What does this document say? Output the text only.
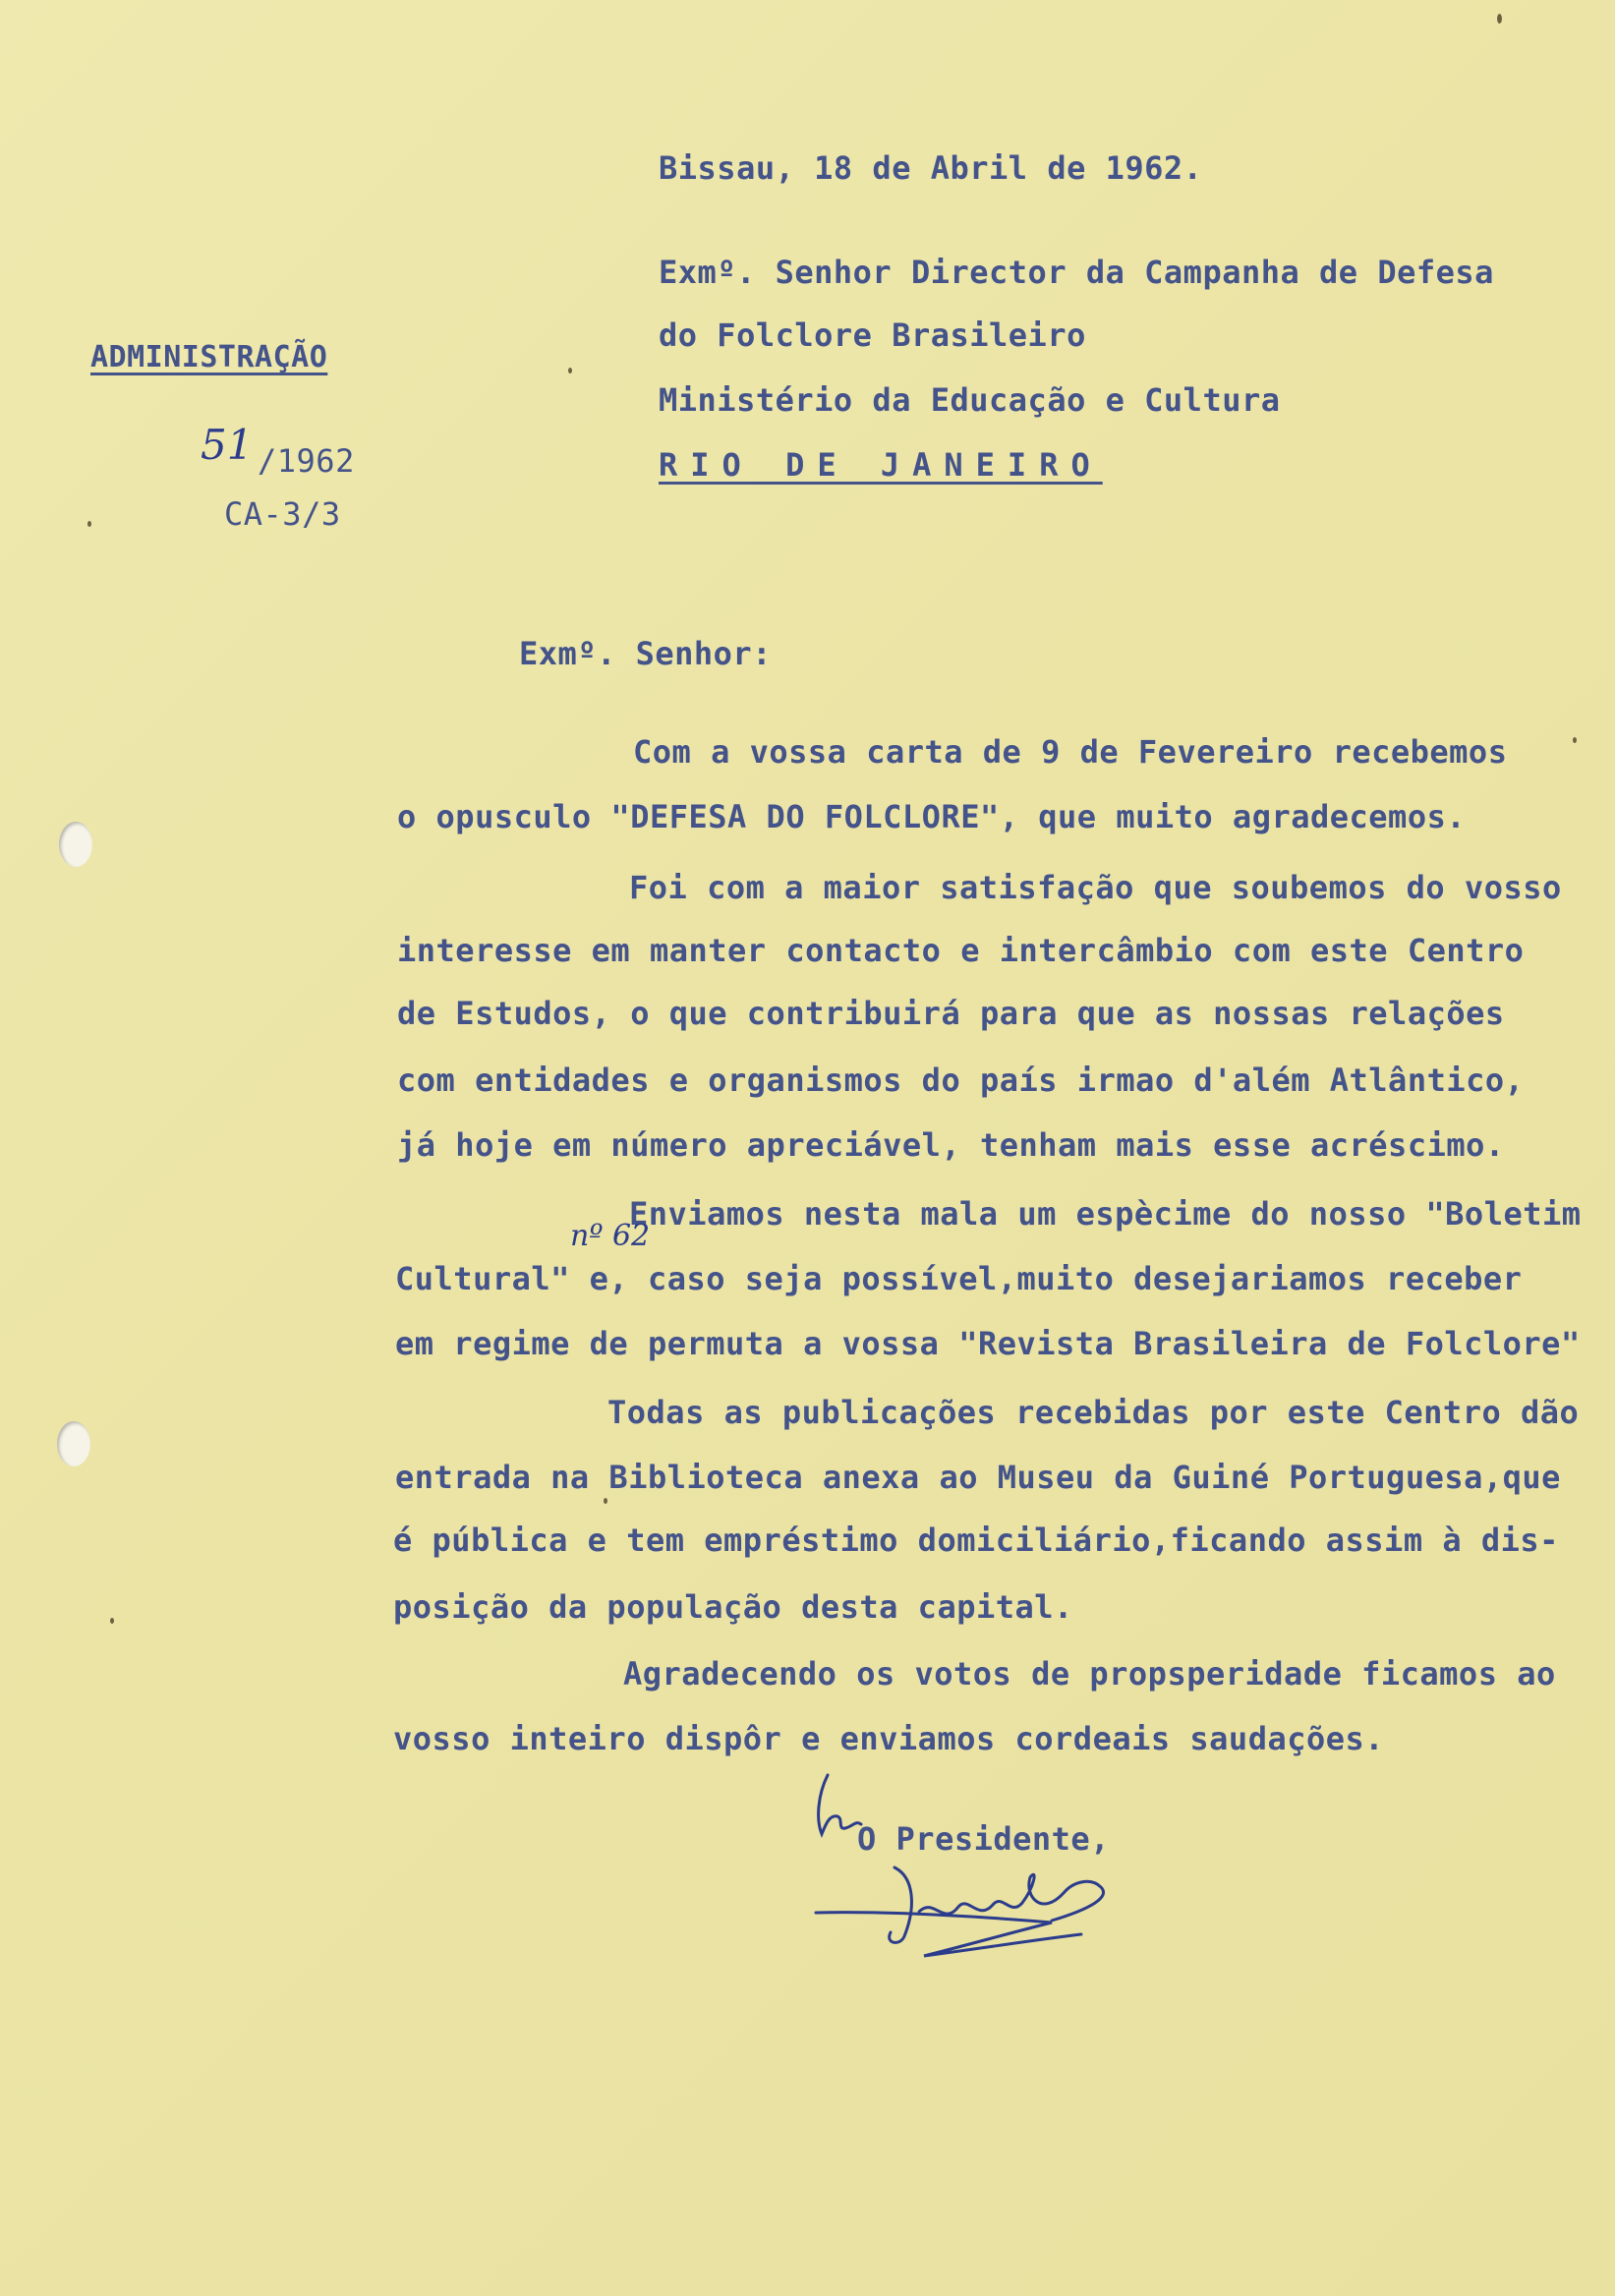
Bissau, 18 de Abril de 1962.

Exmº. Senhor Director da Campanha de Defesa

do Folclore Brasileiro

Ministério da Educação e Cultura

RIO DE JANEIRO

ADMINISTRAÇÃO

51 /1962

CA-3/3

Exmº. Senhor:

Com a vossa carta de 9 de Fevereiro recebemos

o opusculo "DEFESA DO FOLCLORE", que muito agradecemos.

Foi com a maior satisfação que soubemos do vosso

interesse em manter contacto e intercâmbio com este Centro

de Estudos, o que contribuirá para que as nossas relações

com entidades e organismos do país irmao d'além Atlântico,

já hoje em número apreciável, tenham mais esse acréscimo.

Enviamos nesta mala um espècime do nosso "Boletim

Cultural" e, caso seja possível,muito desejariamos receber

em regime de permuta a vossa "Revista Brasileira de Folclore"

Todas as publicações recebidas por este Centro dão

entrada na Biblioteca anexa ao Museu da Guiné Portuguesa,que

é pública e tem empréstimo domiciliário,ficando assim à dis-

posição da população desta capital.

Agradecendo os votos de propsperidade ficamos ao

vosso inteiro dispôr e enviamos cordeais saudações.

nº 62

O Presidente,
